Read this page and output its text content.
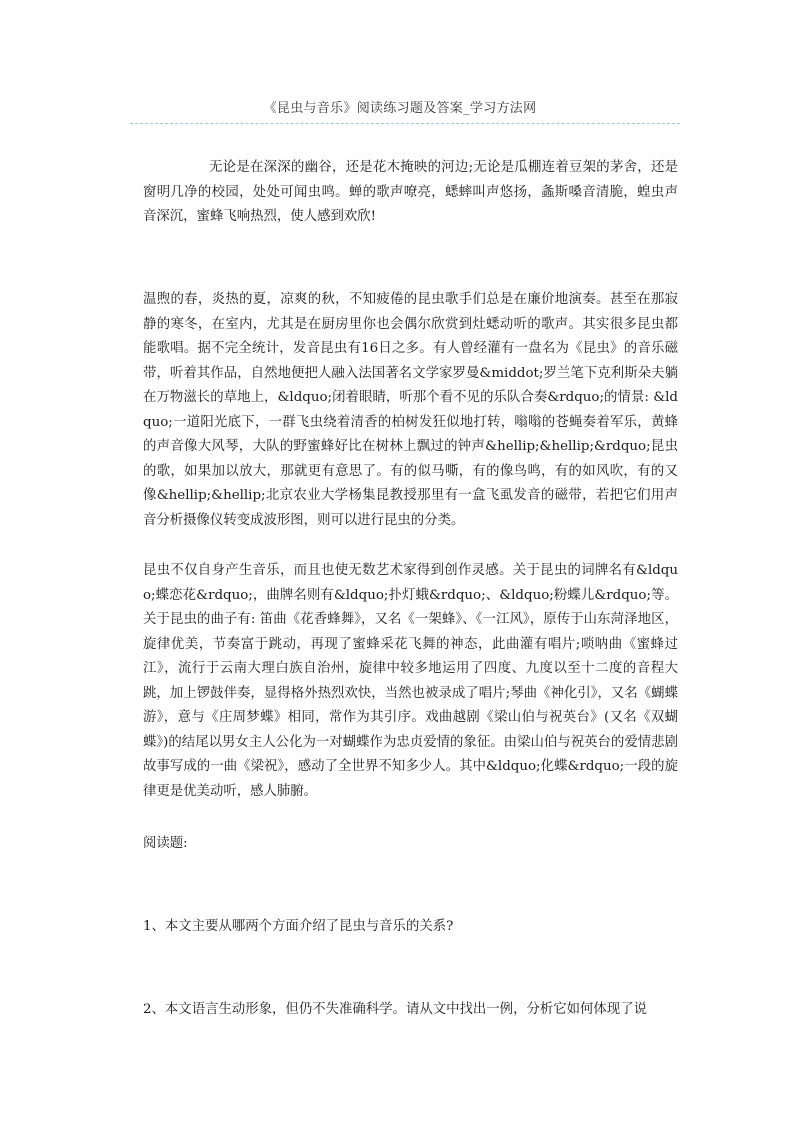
《昆虫与音乐》阅读练习题及答案_学习方法网

无论是在深深的幽谷，还是花木掩映的河边;无论是瓜棚连着豆架的茅舍，还是窗明几净的校园，处处可闻虫鸣。蝉的歌声嘹亮，蟋蟀叫声悠扬，螽斯嗓音清脆，蝗虫声音深沉，蜜蜂飞响热烈，使人感到欢欣!

温煦的春，炎热的夏，凉爽的秋，不知疲倦的昆虫歌手们总是在廉价地演奏。甚至在那寂静的寒冬，在室内，尤其是在厨房里你也会偶尔欣赏到灶蟋动听的歌声。其实很多昆虫都能歌唱。据不完全统计，发音昆虫有16日之多。有人曾经灌有一盘名为《昆虫》的音乐磁带，听着其作品，自然地便把人融入法国著名文学家罗曼&middot;罗兰笔下克利斯朵夫躺在万物滋长的草地上，&ldquo;闭着眼睛，听那个看不见的乐队合奏&rdquo;的情景: &ldquo;一道阳光底下，一群飞虫绕着清香的柏树发狂似地打转，嗡嗡的苍蝇奏着军乐，黄蜂的声音像大风琴，大队的野蜜蜂好比在树林上飘过的钟声&hellip;&hellip;&rdquo;昆虫的歌，如果加以放大，那就更有意思了。有的似马嘶，有的像鸟鸣，有的如风吹，有的又像&hellip;&hellip;北京农业大学杨集昆教授那里有一盒飞虱发音的磁带，若把它们用声音分析摄像仪转变成波形图，则可以进行昆虫的分类。

昆虫不仅自身产生音乐，而且也使无数艺术家得到创作灵感。关于昆虫的词牌名有&ldquo;蝶恋花&rdquo;，曲牌名则有&ldquo;扑灯蛾&rdquo;、&ldquo;粉蝶儿&rdquo;等。关于昆虫的曲子有: 笛曲《花香蜂舞》，又名《一架蜂》、《一江风》，原传于山东菏泽地区，旋律优美，节奏富于跳动，再现了蜜蜂采花飞舞的神态，此曲灌有唱片;唢呐曲《蜜蜂过江》，流行于云南大理白族自治州，旋律中较多地运用了四度、九度以至十二度的音程大跳，加上锣鼓伴奏，显得格外热烈欢快，当然也被录成了唱片;琴曲《神化引》，又名《蝴蝶游》，意与《庄周梦蝶》相同，常作为其引序。戏曲越剧《梁山伯与祝英台》(又名《双蝴蝶》)的结尾以男女主人公化为一对蝴蝶作为忠贞爱情的象征。由梁山伯与祝英台的爱情悲剧故事写成的一曲《梁祝》，感动了全世界不知多少人。其中&ldquo;化蝶&rdquo;一段的旋律更是优美动听，感人肺腑。

阅读题:

1、本文主要从哪两个方面介绍了昆虫与音乐的关系?

2、本文语言生动形象，但仍不失准确科学。请从文中找出一例，分析它如何体现了说
